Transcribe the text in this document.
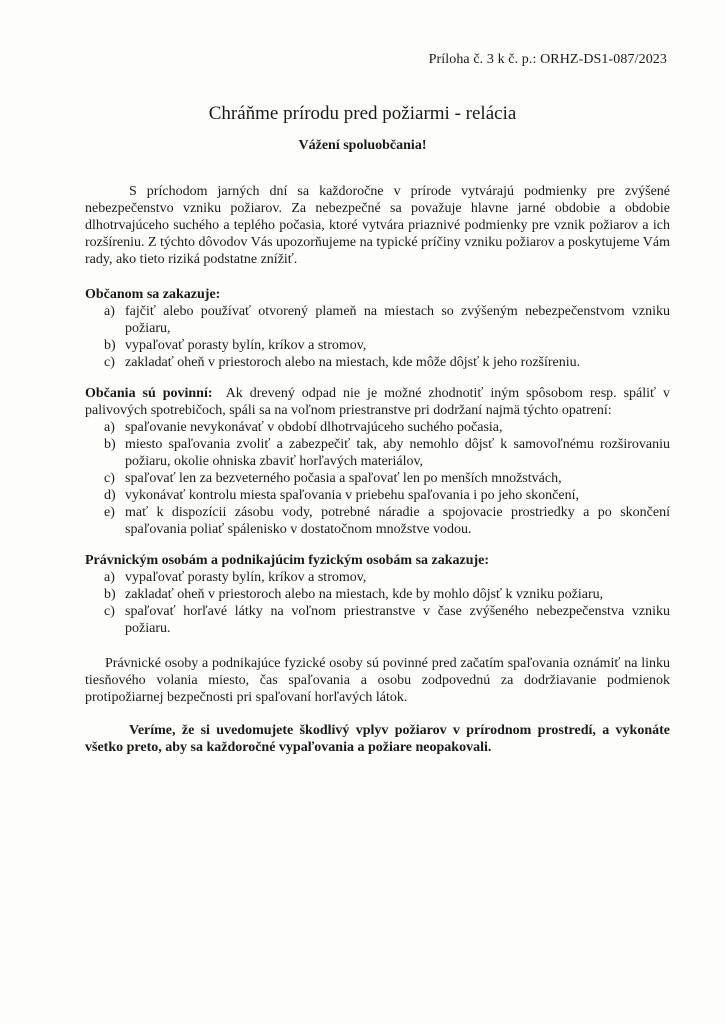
Príloha č. 3 k č. p.: ORHZ-DS1-087/2023
Chráňme prírodu pred požiarmi - relácia
Vážení spoluobčania!
S príchodom jarných dní sa každoročne v prírode vytvárajú podmienky pre zvýšené nebezpečenstvo vzniku požiarov. Za nebezpečné sa považuje hlavne jarné obdobie a obdobie dlhotrvajúceho suchého a teplého počasia, ktoré vytvára priaznivé podmienky pre vznik požiarov a ich rozšíreniu. Z týchto dôvodov Vás upozorňujeme na typické príčiny vzniku požiarov a poskytujeme Vám rady, ako tieto riziká podstatne znížiť.
Občanom sa zakazuje:
a) fajčiť alebo používať otvorený plameň na miestach so zvýšeným nebezpečenstvom vzniku požiaru,
b) vypaľovať porasty bylín, kríkov a stromov,
c) zakladať oheň v priestoroch alebo na miestach, kde môže dôjsť k jeho rozšíreniu.
Občania sú povinní: Ak drevený odpad nie je možné zhodnotiť iným spôsobom resp. spáliť v palivových spotrebičoch, spáli sa na voľnom priestranstve pri dodržaní najmä týchto opatrení:
a) spaľovanie nevykonávať v období dlhotrvajúceho suchého počasia,
b) miesto spaľovania zvoliť a zabezpečiť tak, aby nemohlo dôjsť k samovoľnému rozširovaniu požiaru, okolie ohniska zbaviť horľavých materiálov,
c) spaľovať len za bezveterného počasia a spaľovať len po menších množstvách,
d) vykonávať kontrolu miesta spaľovania v priebehu spaľovania i po jeho skončení,
e) mať k dispozícii zásobu vody, potrebné náradie a spojovacie prostriedky a po skončení spaľovania poliať spálenisko v dostatočnom množstve vodou.
Právnickým osobám a podnikajúcim fyzickým osobám sa zakazuje:
a) vypaľovať porasty bylín, kríkov a stromov,
b) zakladať oheň v priestoroch alebo na miestach, kde by mohlo dôjsť k vzniku požiaru,
c) spaľovať horľavé látky na voľnom priestranstve v čase zvýšeného nebezpečenstva vzniku požiaru.
Právnické osoby a podnikajúce fyzické osoby sú povinné pred začatím spaľovania oznámiť na linku tiesňového volania miesto, čas spaľovania a osobu zodpovednú za dodržiavanie podmienok protipožiarnej bezpečnosti pri spaľovaní horľavých látok.
Veríme, že si uvedomujete škodlivý vplyv požiarov v prírodnom prostredí, a vykonáte všetko preto, aby sa každoročné vypaľovania a požiare neopakovali.
